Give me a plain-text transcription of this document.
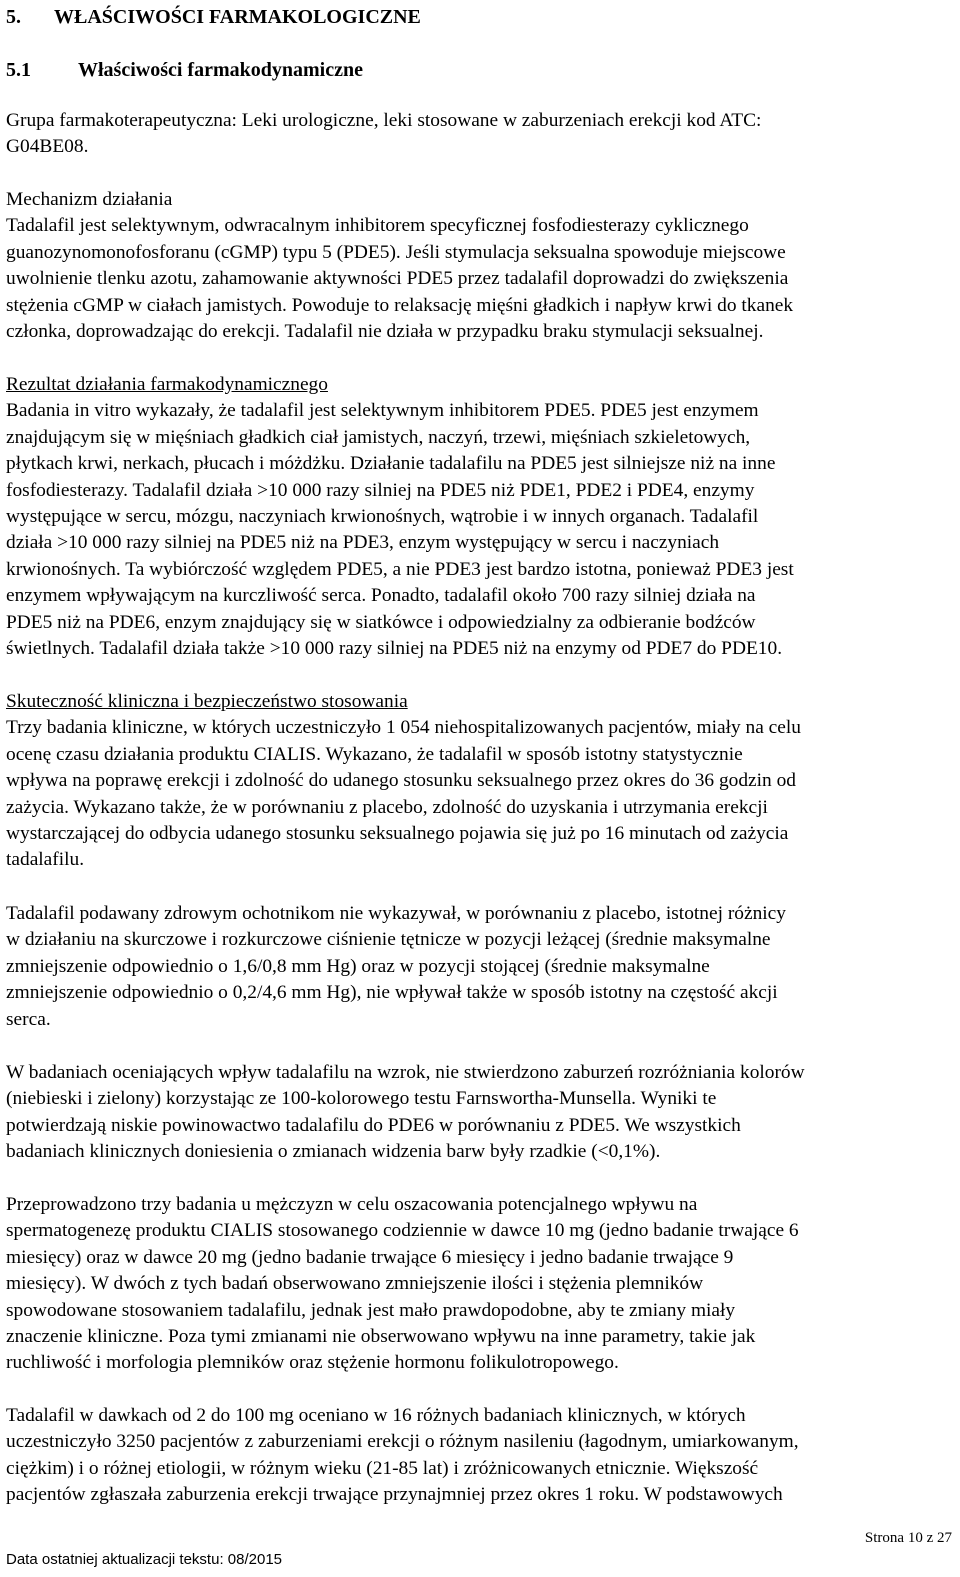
5. WŁAŚCIWOŚCI FARMAKOLOGICZNE
5.1 Właściwości farmakodynamiczne
Grupa farmakoterapeutyczna: Leki urologiczne, leki stosowane w zaburzeniach erekcji kod ATC:
G04BE08.
Mechanizm działania
Tadalafil jest selektywnym, odwracalnym inhibitorem specyficznej fosfodiesterazy cyklicznego
guanozynomonofosforanu (cGMP) typu 5 (PDE5). Jeśli stymulacja seksualna spowoduje miejscowe
uwolnienie tlenku azotu, zahamowanie aktywności PDE5 przez tadalafil doprowadzi do zwiększenia
stężenia cGMP w ciałach jamistych. Powoduje to relaksację mięśni gładkich i napływ krwi do tkanek
członka, doprowadzając do erekcji. Tadalafil nie działa w przypadku braku stymulacji seksualnej.
Rezultat działania farmakodynamicznego
Badania in vitro wykazały, że tadalafil jest selektywnym inhibitorem PDE5. PDE5 jest enzymem
znajdującym się w mięśniach gładkich ciał jamistych, naczyń, trzewi, mięśniach szkieletowych,
płytkach krwi, nerkach, płucach i móżdżku. Działanie tadalafilu na PDE5 jest silniejsze niż na inne
fosfodiesterazy. Tadalafil działa >10 000 razy silniej na PDE5 niż PDE1, PDE2 i PDE4, enzymy
występujące w sercu, mózgu, naczyniach krwionośnych, wątrobie i w innych organach. Tadalafil
działa >10 000 razy silniej na PDE5 niż na PDE3, enzym występujący w sercu i naczyniach
krwionośnych. Ta wybiórczość względem PDE5, a nie PDE3 jest bardzo istotna, ponieważ PDE3 jest
enzymem wpływającym na kurczliwość serca. Ponadto, tadalafil około 700 razy silniej działa na
PDE5 niż na PDE6, enzym znajdujący się w siatkówce i odpowiedzialny za odbieranie bodźców
świetlnych. Tadalafil działa także >10 000 razy silniej na PDE5 niż na enzymy od PDE7 do PDE10.
Skuteczność kliniczna i bezpieczeństwo stosowania
Trzy badania kliniczne, w których uczestniczyło 1 054 niehospitalizowanych pacjentów, miały na celu
ocenę czasu działania produktu CIALIS. Wykazano, że tadalafil w sposób istotny statystycznie
wpływa na poprawę erekcji i zdolność do udanego stosunku seksualnego przez okres do 36 godzin od
zażycia. Wykazano także, że w porównaniu z placebo, zdolność do uzyskania i utrzymania erekcji
wystarczającej do odbycia udanego stosunku seksualnego pojawia się już po 16 minutach od zażycia
tadalafilu.
Tadalafil podawany zdrowym ochotnikom nie wykazywał, w porównaniu z placebo, istotnej różnicy
w działaniu na skurczowe i rozkurczowe ciśnienie tętnicze w pozycji leżącej (średnie maksymalne
zmniejszenie odpowiednio o 1,6/0,8 mm Hg) oraz w pozycji stojącej (średnie maksymalne
zmniejszenie odpowiednio o 0,2/4,6 mm Hg), nie wpływał także w sposób istotny na częstość akcji
serca.
W badaniach oceniających wpływ tadalafilu na wzrok, nie stwierdzono zaburzeń rozróżniania kolorów
(niebieski i zielony) korzystając ze 100-kolorowego testu Farnswortha-Munsella. Wyniki te
potwierdzają niskie powinowactwo tadalafilu do PDE6 w porównaniu z PDE5. We wszystkich
badaniach klinicznych doniesienia o zmianach widzenia barw były rzadkie (<0,1%).
Przeprowadzono trzy badania u mężczyzn w celu oszacowania potencjalnego wpływu na
spermatogenezę produktu CIALIS stosowanego codziennie w dawce 10 mg (jedno badanie trwające 6
miesięcy) oraz w dawce 20 mg (jedno badanie trwające 6 miesięcy i jedno badanie trwające 9
miesięcy). W dwóch z tych badań obserwowano zmniejszenie ilości i stężenia plemników
spowodowane stosowaniem tadalafilu, jednak jest mało prawdopodobne, aby te zmiany miały
znaczenie kliniczne. Poza tymi zmianami nie obserwowano wpływu na inne parametry, takie jak
ruchliwość i morfologia plemników oraz stężenie hormonu folikulotropowego.
Tadalafil w dawkach od 2 do 100 mg oceniano w 16 różnych badaniach klinicznych, w których
uczestniczyło 3250 pacjentów z zaburzeniami erekcji o różnym nasileniu (łagodnym, umiarkowanym,
ciężkim) i o różnej etiologii, w różnym wieku (21-85 lat) i zróżnicowanych etnicznie. Większość
pacjentów zgłaszała zaburzenia erekcji trwające przynajmniej przez okres 1 roku. W podstawowych
Strona 10 z 27
Data ostatniej aktualizacji tekstu: 08/2015
